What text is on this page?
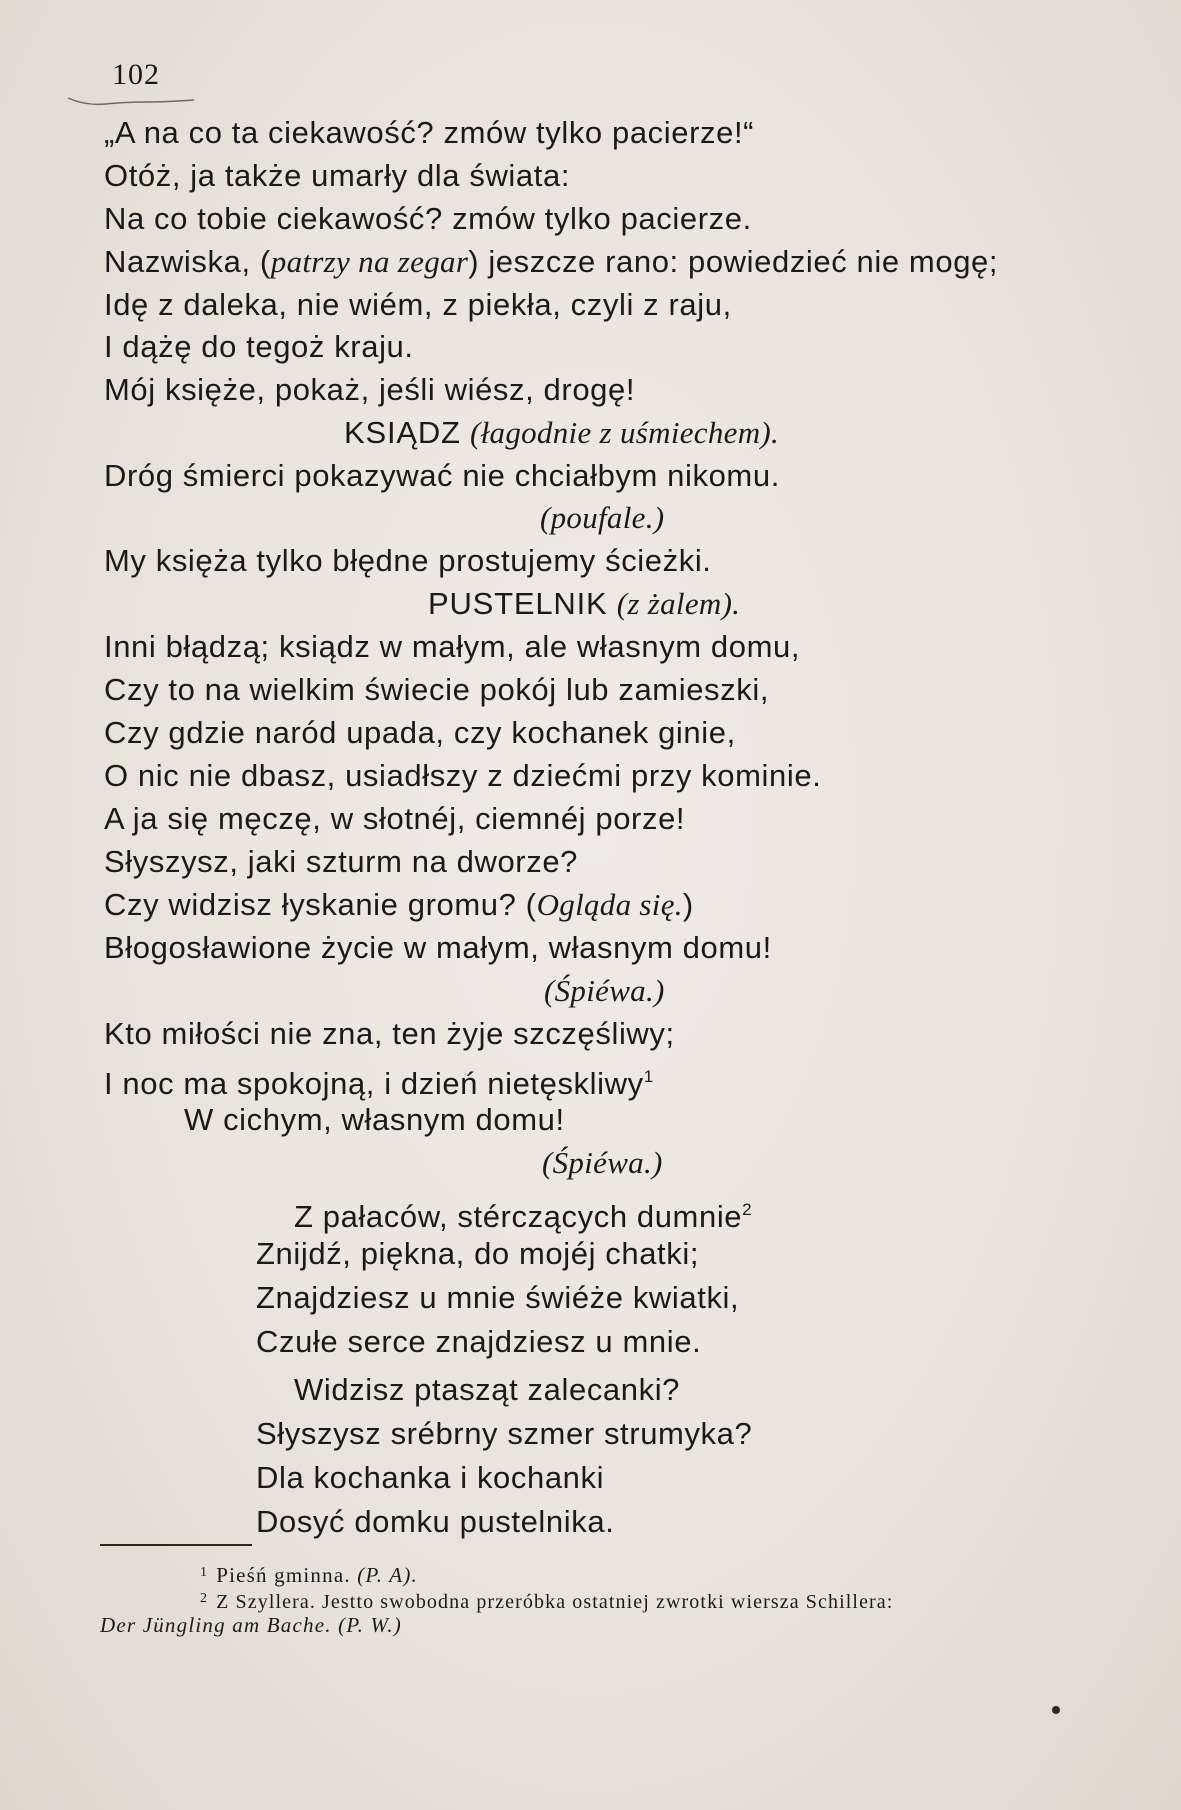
102
„A na co ta ciekawość? zmów tylko pacierze!“
Otóż, ja także umarły dla świata:
Na co tobie ciekawość? zmów tylko pacierze.
Nazwiska, (patrzy na zegar) jeszcze rano: powiedzieć nie mogę;
Idę z daleka, nie wiém, z piekła, czyli z raju,
I dążę do tegoż kraju.
Mój księże, pokaż, jeśli wiész, drogę!
KSIĄDZ (łagodnie z uśmiechem).
Dróg śmierci pokazywać nie chciałbym nikomu.
(poufale.)
My księża tylko błędne prostujemy ścieżki.
PUSTELNIK (z żalem).
Inni błądzą; ksiądz w małym, ale własnym domu,
Czy to na wielkim świecie pokój lub zamieszki,
Czy gdzie naród upada, czy kochanek ginie,
O nic nie dbasz, usiadłszy z dziećmi przy kominie.
A ja się męczę, w słotnéj, ciemnéj porze!
Słyszysz, jaki szturm na dworze?
Czy widzisz łyskanie gromu? (Ogląda się.)
Błogosławione życie w małym, własnym domu!
(Śpiéwa.)
Kto miłości nie zna, ten żyje szczęśliwy;
I noc ma spokojną, i dzień nietęskliwy$^1$
W cichym, własnym domu!
(Śpiéwa.)
Z pałaców, stérczących dumnie$^2$
Znijdź, piękna, do mojéj chatki;
Znajdziesz u mnie świéże kwiatki,
Czułe serce znajdziesz u mnie.
Widzisz ptasząt zalecanki?
Słyszysz srébrny szmer strumyka?
Dla kochanka i kochanki
Dosyć domku pustelnika.
$^1$ Pieśń gminna. (P. A).
$^2$ Z Szyllera. Jestto swobodna przeróbka ostatniej zwrotki wiersza Schillera:
Der Jüngling am Bache. (P. W.)
